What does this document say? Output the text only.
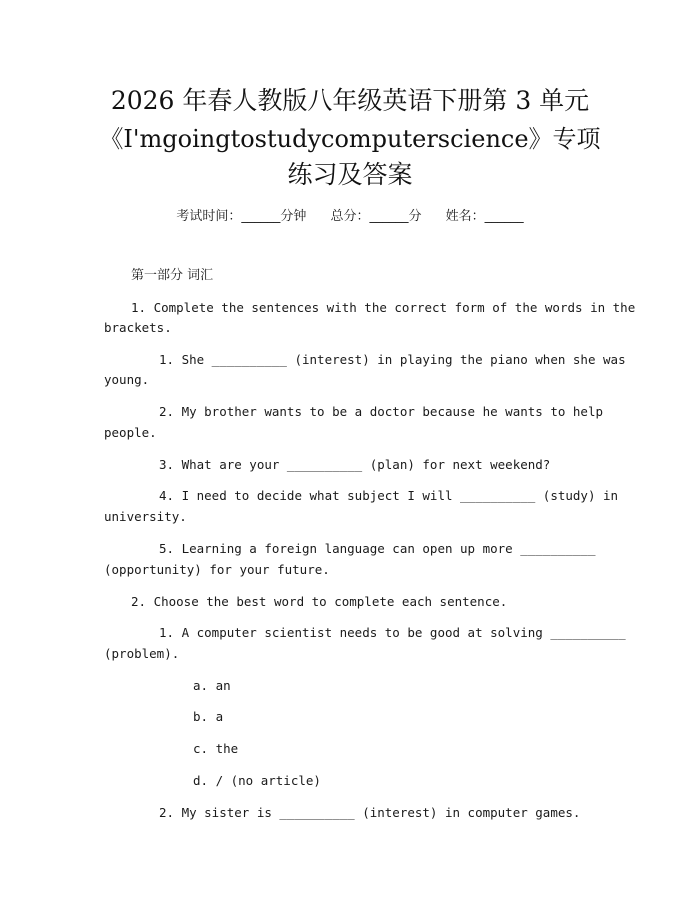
2026 年春人教版八年级英语下册第 3 单元
《I'mgoingtostudycomputerscience》专项
练习及答案
考试时间：______分钟 总分：______分 姓名：______
第一部分 词汇
1. Complete the sentences with the correct form of the words in the
brackets.
1. She __________ (interest) in playing the piano when she was
young.
2. My brother wants to be a doctor because he wants to help
people.
3. What are your __________ (plan) for next weekend?
4. I need to decide what subject I will __________ (study) in
university.
5. Learning a foreign language can open up more __________
(opportunity) for your future.
2. Choose the best word to complete each sentence.
1. A computer scientist needs to be good at solving __________
(problem).
a. an
b. a
c. the
d. / (no article)
2. My sister is __________ (interest) in computer games.
